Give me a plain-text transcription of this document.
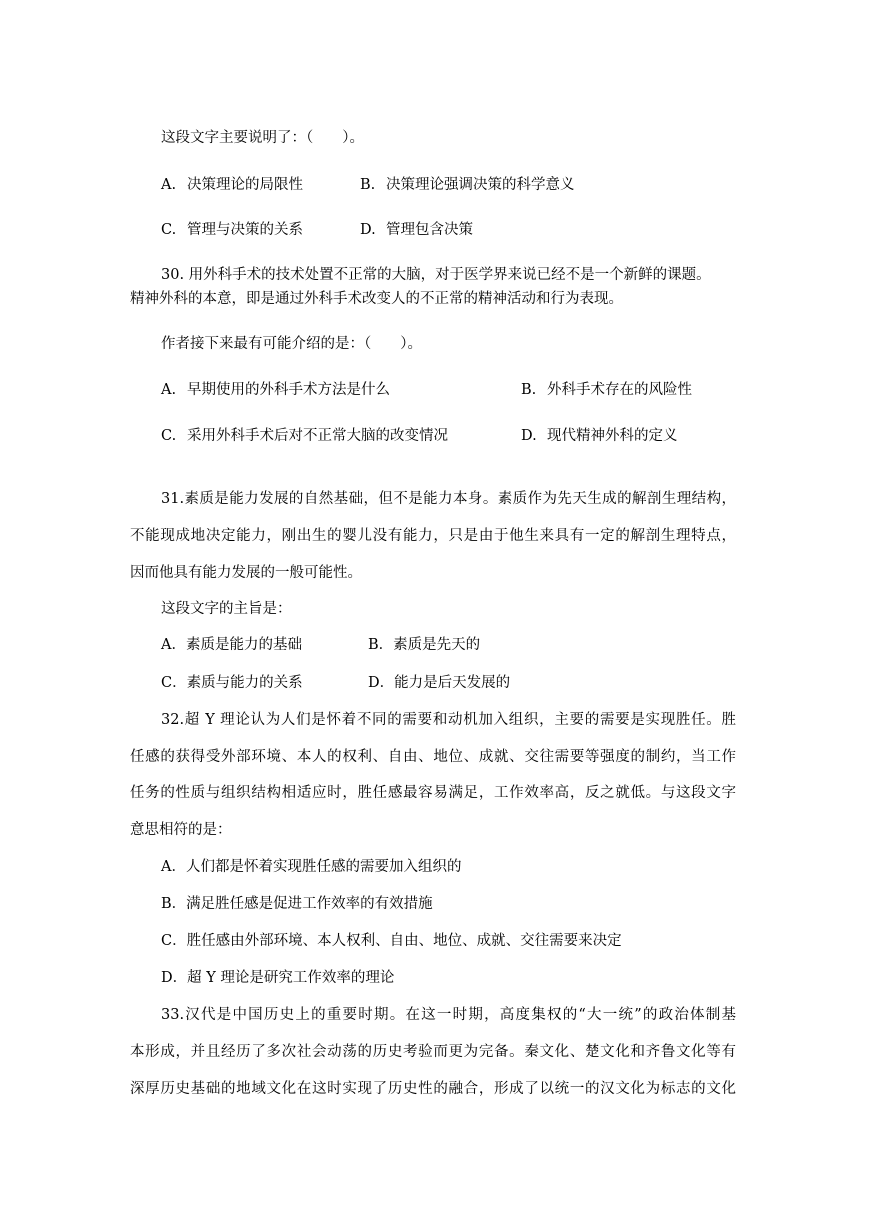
这段文字主要说明了：（　　）。
A. 决策理论的局限性	B. 决策理论强调决策的科学意义
C. 管理与决策的关系	D. 管理包含决策
30. 用外科手术的技术处置不正常的大脑，对于医学界来说已经不是一个新鲜的课题。
精神外科的本意，即是通过外科手术改变人的不正常的精神活动和行为表现。
作者接下来最有可能介绍的是：（　　）。
A. 早期使用的外科手术方法是什么	B. 外科手术存在的风险性
C. 采用外科手术后对不正常大脑的改变情况	D. 现代精神外科的定义
31.素质是能力发展的自然基础，但不是能力本身。素质作为先天生成的解剖生理结构，
不能现成地决定能力，刚出生的婴儿没有能力，只是由于他生来具有一定的解剖生理特点，
因而他具有能力发展的一般可能性。
这段文字的主旨是：
A．素质是能力的基础	B．素质是先天的
C．素质与能力的关系	D．能力是后天发展的
32.超 Y 理论认为人们是怀着不同的需要和动机加入组织，主要的需要是实现胜任。胜
任感的获得受外部环境、本人的权利、自由、地位、成就、交往需要等强度的制约，当工作
任务的性质与组织结构相适应时，胜任感最容易满足，工作效率高，反之就低。与这段文字
意思相符的是：
A．人们都是怀着实现胜任感的需要加入组织的
B．满足胜任感是促进工作效率的有效措施
C．胜任感由外部环境、本人权利、自由、地位、成就、交往需要来决定
D．超 Y 理论是研究工作效率的理论
33.汉代是中国历史上的重要时期。在这一时期，高度集权的“大一统”的政治体制基
本形成，并且经历了多次社会动荡的历史考验而更为完备。秦文化、楚文化和齐鲁文化等有
深厚历史基础的地域文化在这时实现了历史性的融合，形成了以统一的汉文化为标志的文化
